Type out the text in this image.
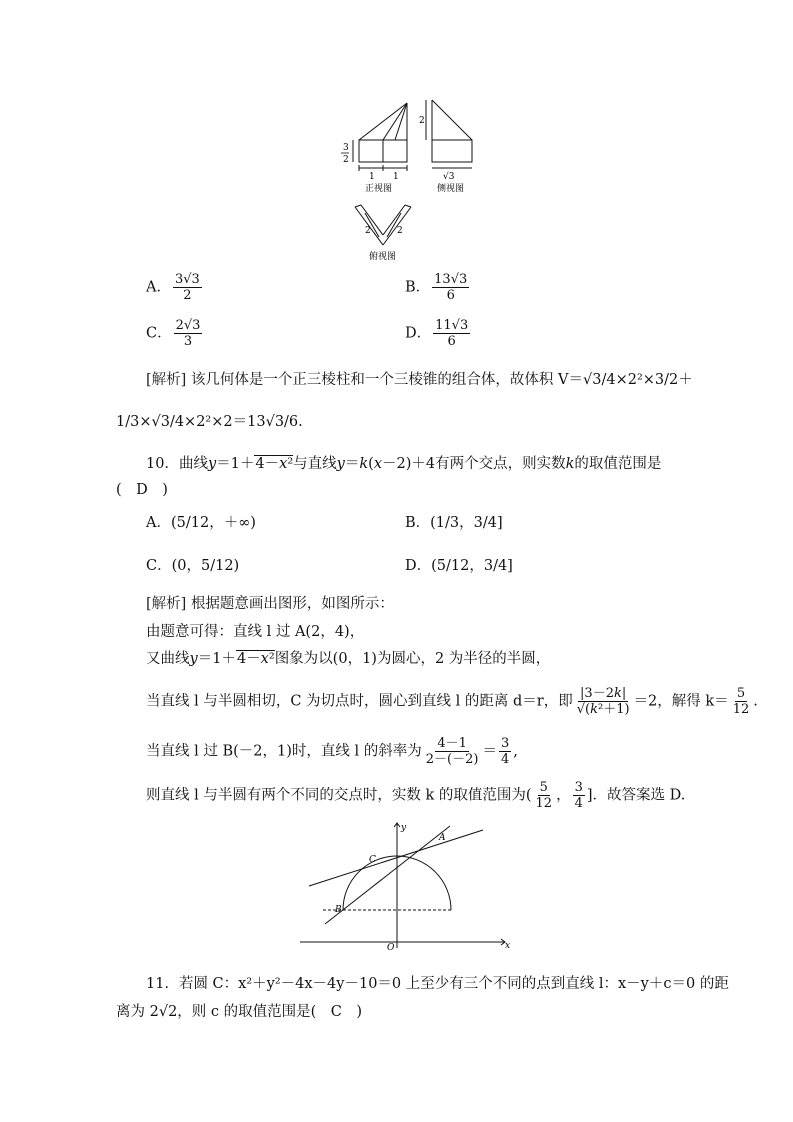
3
2
1 1
2
√3
正视图	侧视图
2	2
俯视图
A． $\frac{3√3}{2}$	B． $\frac{13√3}{6}$
C． $\frac{2√3}{3}$	D． $\frac{11√3}{6}$
[解析] 该几何体是一个正三棱柱和一个三棱锥的组合体，故体积 V＝√3/4×2²×3/2＋
1/3×√3/4×2²×2＝13√3/6.
10．曲线y＝1＋4－x²与直线y＝k(x－2)＋4有两个交点，则实数k的取值范围是
(　D　)
A．(5/12，＋∞)	B．(1/3，3/4]
C．(0，5/12)	D．(5/12，3/4]
[解析] 根据题意画出图形，如图所示：
由题意可得：直线 l 过 A(2，4)，
又曲线y＝1＋4－x²图象为以(0，1)为圆心，2 为半径的半圆，
当直线 l 与半圆相切，C 为切点时，圆心到直线 l 的距离 d＝r，即 $\frac{|3-2k|}{\text{√(k²＋1)}} =2$，解得 $k= \frac{5}{12}$ .
当直线 l 过 B(－2，1)时，直线 l 的斜率为 $\frac{4-1}{2-(-2)} = \frac{3}{4}$ ,
则直线 l 与半圆有两个不同的交点时，实数 k 的取值范围为( $\frac{5}{12}$ ， $\frac{3}{4}$ ]．故答案选 D.
C
A
B
O	x
y
11．若圆 C：x²＋y²－4x－4y－10＝0 上至少有三个不同的点到直线 l：x－y＋c＝0 的距
离为 2√2，则 c 的取值范围是(　 C　 )
